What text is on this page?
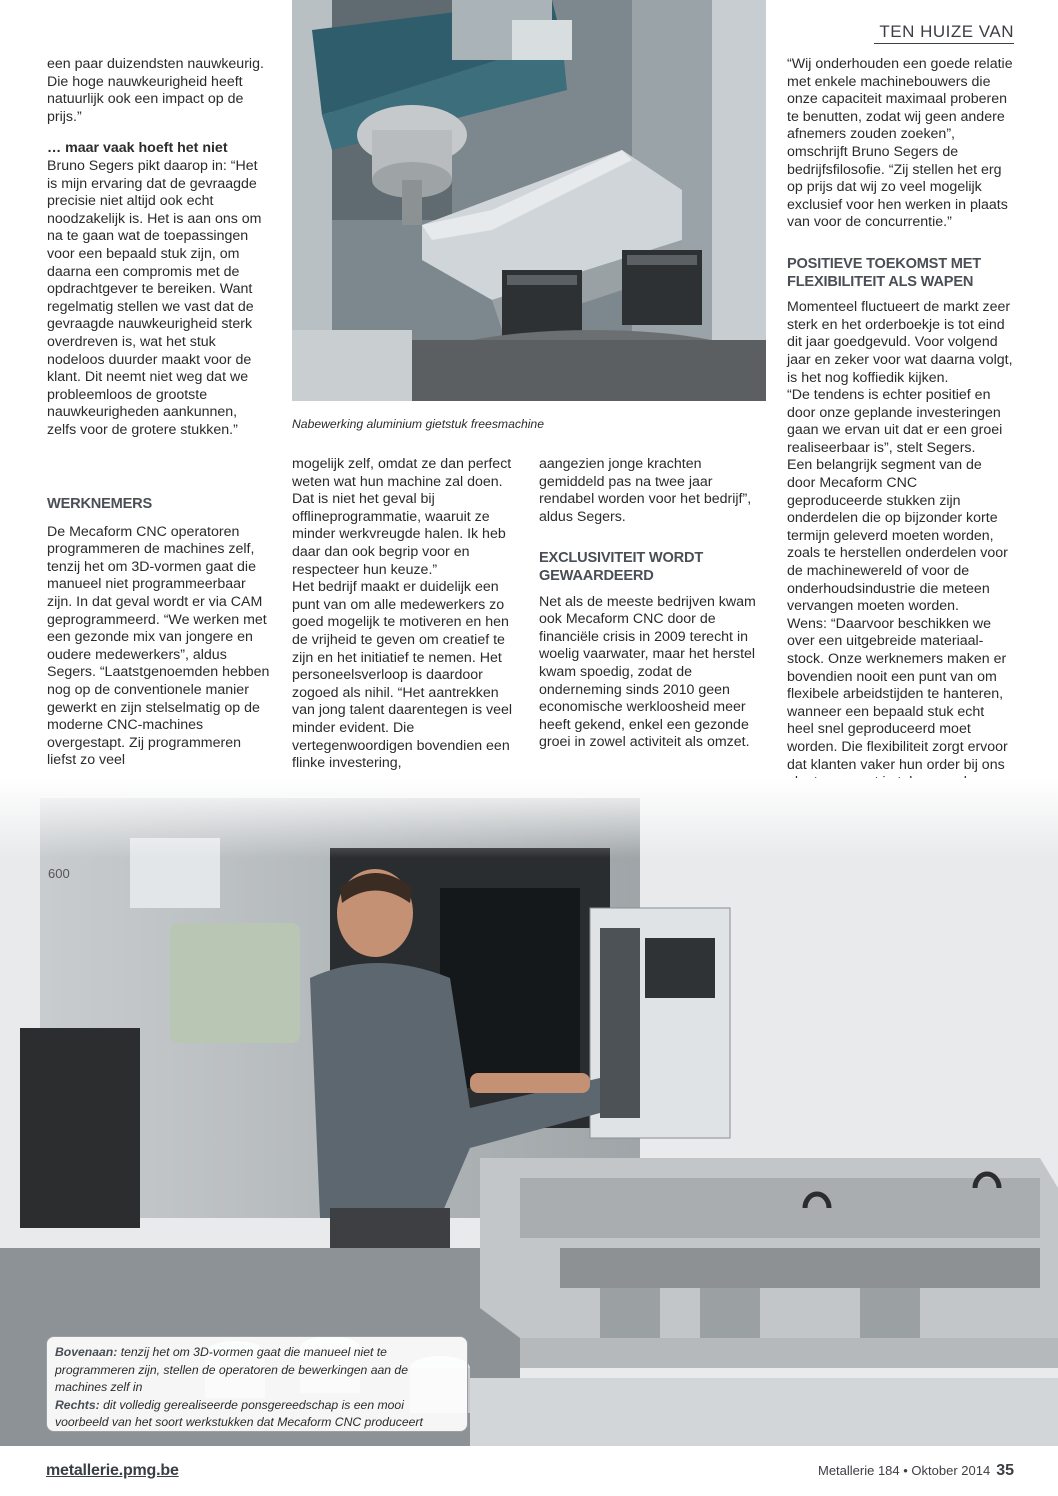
TEN HUIZE VAN
Nabewerking aluminium gietstuk freesmachine

een paar duizendsten nauwkeurig.

Die hoge nauwkeurigheid heeft natuurlijk ook een impact op de prijs.”

… maar vaak hoeft het niet

Bruno Segers pikt daarop in: “Het is mijn ervaring dat de gevraagde precisie niet altijd ook echt noodzakelijk is. Het is aan ons om na te gaan wat de toepassingen voor een bepaald stuk zijn, om daarna een compromis met de opdrachtgever te bereiken. Want regelmatig stellen we vast dat de gevraagde nauwkeurigheid sterk overdreven is, wat het stuk nodeloos duurder maakt voor de klant. Dit neemt niet weg dat we probleemloos de grootste nauwkeurigheden aankunnen, zelfs voor de grotere stukken.”

WERKNEMERS

De Mecaform CNC operatoren programmeren de machines zelf, tenzij het om 3D-vormen gaat die manueel niet programmeerbaar zijn. In dat geval wordt er via CAM geprogrammeerd. “We werken met een gezonde mix van jongere en oudere medewerkers”, aldus Segers. “Laatstgenoemden hebben nog op de conventionele manier gewerkt en zijn stelselmatig op de moderne CNC-machines overgestapt. Zij programmeren liefst zo veel

mogelijk zelf, omdat ze dan perfect weten wat hun machine zal doen. Dat is niet het geval bij offlineprogrammatie, waaruit ze minder werkvreugde halen. Ik heb daar dan ook begrip voor en respecteer hun keuze.”

Het bedrijf maakt er duidelijk een punt van om alle medewerkers zo goed mogelijk te motiveren en hen de vrijheid te geven om creatief te zijn en het initiatief te nemen. Het personeelsverloop is daardoor zogoed als nihil. “Het aantrekken van jong talent daarentegen is veel minder evident. Die vertegenwoordigen bovendien een flinke investering,

aangezien jonge krachten gemiddeld pas na twee jaar rendabel worden voor het bedrijf”, aldus Segers.

EXCLUSIVITEIT WORDT GEWAARDEERD

Net als de meeste bedrijven kwam ook Mecaform CNC door de financiële crisis in 2009 terecht in woelig vaarwater, maar het herstel kwam spoedig, zodat de onderneming sinds 2010 geen economische werkloosheid meer heeft gekend, enkel een gezonde groei in zowel activiteit als omzet.

“Wij onderhouden een goede relatie met enkele machinebouwers die onze capaciteit maximaal proberen te benutten, zodat wij geen andere afnemers zouden zoeken”, omschrijft Bruno Segers de bedrijfsfilosofie. “Zij stellen het erg op prijs dat wij zo veel mogelijk exclusief voor hen werken in plaats van voor de concurrentie.”

POSITIEVE TOEKOMST MET FLEXIBILITEIT ALS WAPEN

Momenteel fluctueert de markt zeer sterk en het orderboekje is tot eind dit jaar goedgevuld. Voor volgend jaar en zeker voor wat daarna volgt, is het nog koffiedik kijken.

“De tendens is echter positief en door onze geplande investeringen gaan we ervan uit dat er een groei realiseerbaar is”, stelt Segers.

Een belangrijk segment van de door Mecaform CNC geproduceerde stukken zijn onderdelen die op bijzonder korte termijn geleverd moeten worden, zoals te herstellen onderdelen voor de machinewereld of voor de onderhoudsindustrie die meteen vervangen moeten worden.

Wens: “Daarvoor beschikken we over een uitgebreide materiaal-stock. Onze werknemers maken er bovendien nooit een punt van om flexibele arbeidstijden te hanteren, wanneer een bepaald stuk echt heel snel geproduceerd moet worden. Die flexibiliteit zorgt ervoor dat klanten vaker hun order bij ons

Bovenaan: tenzij het om 3D-vormen gaat die manueel niet te programmeren zijn, stellen de operatoren de bewerkingen aan de machines zelf in
Rechts: dit volledig gerealiseerde ponsgereedschap is een mooi voorbeeld van het soort werkstukken dat Mecaform CNC produceert
metallerie.pmg.be	Metallerie 184 • Oktober 2014 35
